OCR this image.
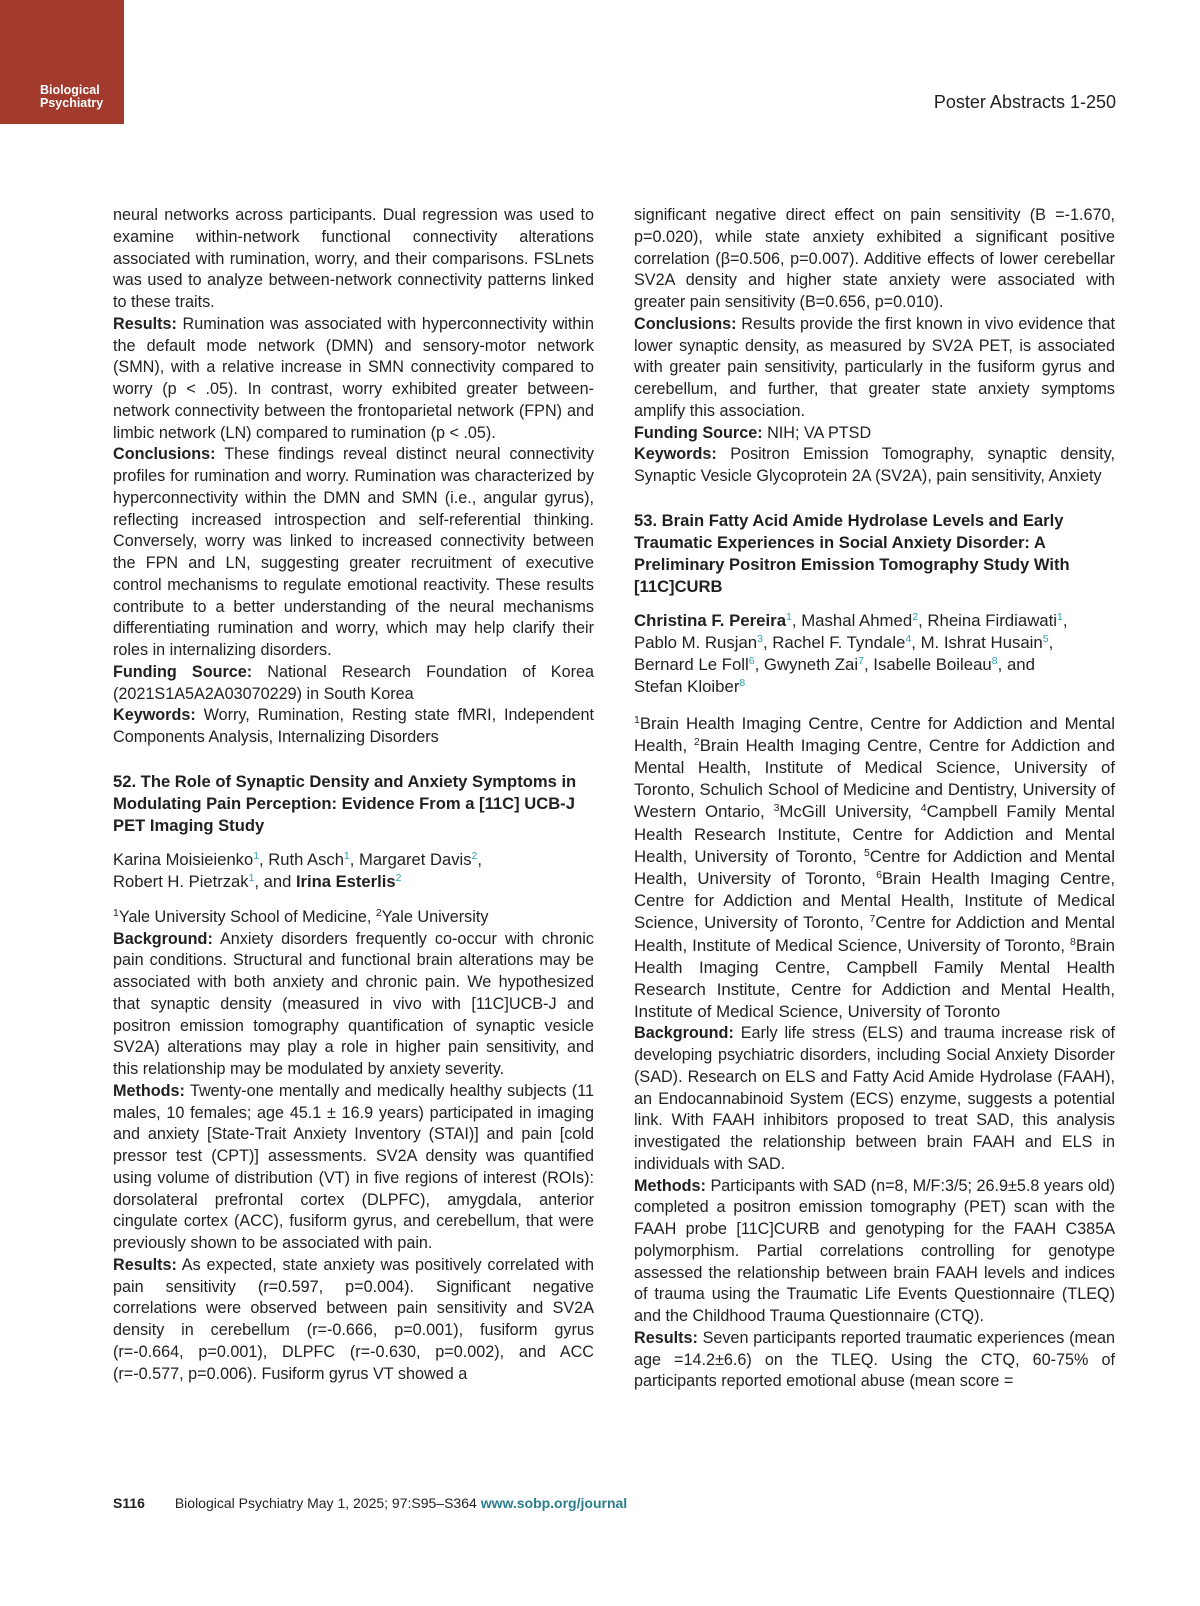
Biological
Psychiatry	Poster Abstracts 1-250

neural networks across participants. Dual regression was used to examine within-network functional connectivity alterations associated with rumination, worry, and their comparisons. FSLnets was used to analyze between-network connectivity patterns linked to these traits.

Results: Rumination was associated with hyperconnectivity within the default mode network (DMN) and sensory-motor network (SMN), with a relative increase in SMN connectivity compared to worry (p < .05). In contrast, worry exhibited greater between-network connectivity between the frontoparietal network (FPN) and limbic network (LN) compared to rumination (p < .05).

Conclusions: These findings reveal distinct neural connectivity profiles for rumination and worry. Rumination was characterized by hyperconnectivity within the DMN and SMN (i.e., angular gyrus), reflecting increased introspection and self-referential thinking. Conversely, worry was linked to increased connectivity between the FPN and LN, suggesting greater recruitment of executive control mechanisms to regulate emotional reactivity. These results contribute to a better understanding of the neural mechanisms differentiating rumination and worry, which may help clarify their roles in internalizing disorders.

Funding Source: National Research Foundation of Korea (2021S1A5A2A03070229) in South Korea

Keywords: Worry, Rumination, Resting state fMRI, Independent Components Analysis, Internalizing Disorders

52. The Role of Synaptic Density and Anxiety Symptoms in Modulating Pain Perception: Evidence From a [11C] UCB-J PET Imaging Study
Karina Moisieienko$^1$, Ruth Asch$^1$, Margaret Davis$^2$,
Robert H. Pietrzak$^1$, and Irina Esterlis$^2$

$^1$Yale University School of Medicine, $^2$Yale University

Background: Anxiety disorders frequently co-occur with chronic pain conditions. Structural and functional brain alterations may be associated with both anxiety and chronic pain. We hypothesized that synaptic density (measured in vivo with [11C]UCB-J and positron emission tomography quantification of synaptic vesicle SV2A) alterations may play a role in higher pain sensitivity, and this relationship may be modulated by anxiety severity.

Methods: Twenty-one mentally and medically healthy subjects (11 males, 10 females; age 45.1 ± 16.9 years) participated in imaging and anxiety [State-Trait Anxiety Inventory (STAI)] and pain [cold pressor test (CPT)] assessments. SV2A density was quantified using volume of distribution (VT) in five regions of interest (ROIs): dorsolateral prefrontal cortex (DLPFC), amygdala, anterior cingulate cortex (ACC), fusiform gyrus, and cerebellum, that were previously shown to be associated with pain.

Results: As expected, state anxiety was positively correlated with pain sensitivity (r=0.597, p=0.004). Significant negative correlations were observed between pain sensitivity and SV2A density in cerebellum (r=-0.666, p=0.001), fusiform gyrus (r=-0.664, p=0.001), DLPFC (r=-0.630, p=0.002), and ACC (r=-0.577, p=0.006). Fusiform gyrus VT showed a

significant negative direct effect on pain sensitivity (B =-1.670, p=0.020), while state anxiety exhibited a significant positive correlation (β=0.506, p=0.007). Additive effects of lower cerebellar SV2A density and higher state anxiety were associated with greater pain sensitivity (B=0.656, p=0.010).

Conclusions: Results provide the first known in vivo evidence that lower synaptic density, as measured by SV2A PET, is associated with greater pain sensitivity, particularly in the fusiform gyrus and cerebellum, and further, that greater state anxiety symptoms amplify this association.

Funding Source: NIH; VA PTSD

Keywords: Positron Emission Tomography, synaptic density, Synaptic Vesicle Glycoprotein 2A (SV2A), pain sensitivity, Anxiety

53. Brain Fatty Acid Amide Hydrolase Levels and Early Traumatic Experiences in Social Anxiety Disorder: A Preliminary Positron Emission Tomography Study With [11C]CURB
Christina F. Pereira$^1$, Mashal Ahmed$^2$, Rheina Firdiawati$^1$,
Pablo M. Rusjan$^3$, Rachel F. Tyndale$^4$, M. Ishrat Husain$^5$,
Bernard Le Foll$^6$, Gwyneth Zai$^7$, Isabelle Boileau$^8$, and
Stefan Kloiber$^8$

$^1$Brain Health Imaging Centre, Centre for Addiction and Mental Health, $^2$Brain Health Imaging Centre, Centre for Addiction and Mental Health, Institute of Medical Science, University of Toronto, Schulich School of Medicine and Dentistry, University of Western Ontario, $^3$McGill University, $^4$Campbell Family Mental Health Research Institute, Centre for Addiction and Mental Health, University of Toronto, $^5$Centre for Addiction and Mental Health, University of Toronto, $^6$Brain Health Imaging Centre, Centre for Addiction and Mental Health, Institute of Medical Science, University of Toronto, $^7$Centre for Addiction and Mental Health, Institute of Medical Science, University of Toronto, $^8$Brain Health Imaging Centre, Campbell Family Mental Health Research Institute, Centre for Addiction and Mental Health, Institute of Medical Science, University of Toronto

Background: Early life stress (ELS) and trauma increase risk of developing psychiatric disorders, including Social Anxiety Disorder (SAD). Research on ELS and Fatty Acid Amide Hydrolase (FAAH), an Endocannabinoid System (ECS) enzyme, suggests a potential link. With FAAH inhibitors proposed to treat SAD, this analysis investigated the relationship between brain FAAH and ELS in individuals with SAD.

Methods: Participants with SAD (n=8, M/F:3/5; 26.9±5.8 years old) completed a positron emission tomography (PET) scan with the FAAH probe [11C]CURB and genotyping for the FAAH C385A polymorphism. Partial correlations controlling for genotype assessed the relationship between brain FAAH levels and indices of trauma using the Traumatic Life Events Questionnaire (TLEQ) and the Childhood Trauma Questionnaire (CTQ).

Results: Seven participants reported traumatic experiences (mean age =14.2±6.6) on the TLEQ. Using the CTQ, 60-75% of participants reported emotional abuse (mean score =

S116 Biological Psychiatry May 1, 2025; 97:S95–S364 www.sobp.org/journal
